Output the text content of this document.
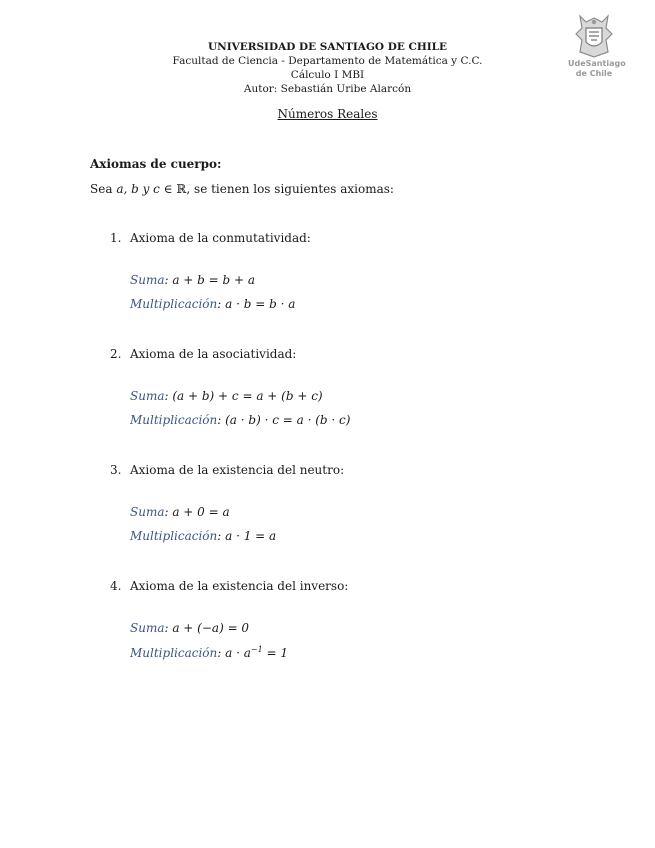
UdeSantiago
de Chile
UNIVERSIDAD DE SANTIAGO DE CHILE
Facultad de Ciencia - Departamento de Matemática y C.C.
Cálculo I MBI
Autor: Sebastián Uribe Alarcón
Números Reales
Axiomas de cuerpo:
Sea a, b y c ∈ ℝ, se tienen los siguientes axiomas:
1. Axioma de la conmutatividad:
Suma: a + b = b + a
Multiplicación: a · b = b · a
2. Axioma de la asociatividad:
Suma: (a + b) + c = a + (b + c)
Multiplicación: (a · b) · c = a · (b · c)
3. Axioma de la existencia del neutro:
Suma: a + 0 = a
Multiplicación: a · 1 = a
4. Axioma de la existencia del inverso:
Suma: a + (−a) = 0
Multiplicación: $a \cdot a^{-1} = 1$
